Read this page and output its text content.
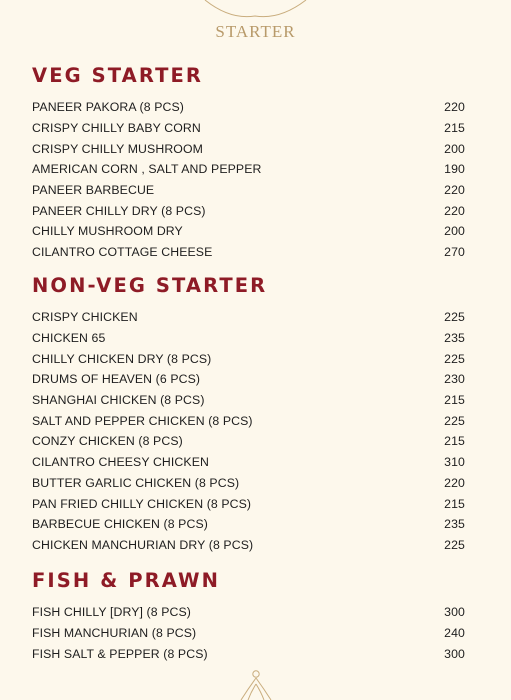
STARTER
VEG STARTER
PANEER PAKORA (8 PCS)	220
CRISPY CHILLY BABY CORN	215
CRISPY CHILLY MUSHROOM	200
AMERICAN CORN , SALT AND PEPPER	190
PANEER BARBECUE	220
PANEER CHILLY DRY (8 PCS)	220
CHILLY MUSHROOM DRY	200
CILANTRO COTTAGE CHEESE	270
NON-VEG STARTER
CRISPY CHICKEN	225
CHICKEN 65	235
CHILLY CHICKEN DRY (8 PCS)	225
DRUMS OF HEAVEN (6 PCS)	230
SHANGHAI CHICKEN (8 PCS)	215
SALT AND PEPPER CHICKEN (8 PCS)	225
CONZY CHICKEN (8 PCS)	215
CILANTRO CHEESY CHICKEN	310
BUTTER GARLIC CHICKEN (8 PCS)	220
PAN FRIED CHILLY CHICKEN (8 PCS)	215
BARBECUE CHICKEN (8 PCS)	235
CHICKEN MANCHURIAN DRY (8 PCS)	225
FISH & PRAWN
FISH CHILLY [DRY] (8 PCS)	300
FISH MANCHURIAN (8 PCS)	240
FISH SALT & PEPPER (8 PCS)	300
